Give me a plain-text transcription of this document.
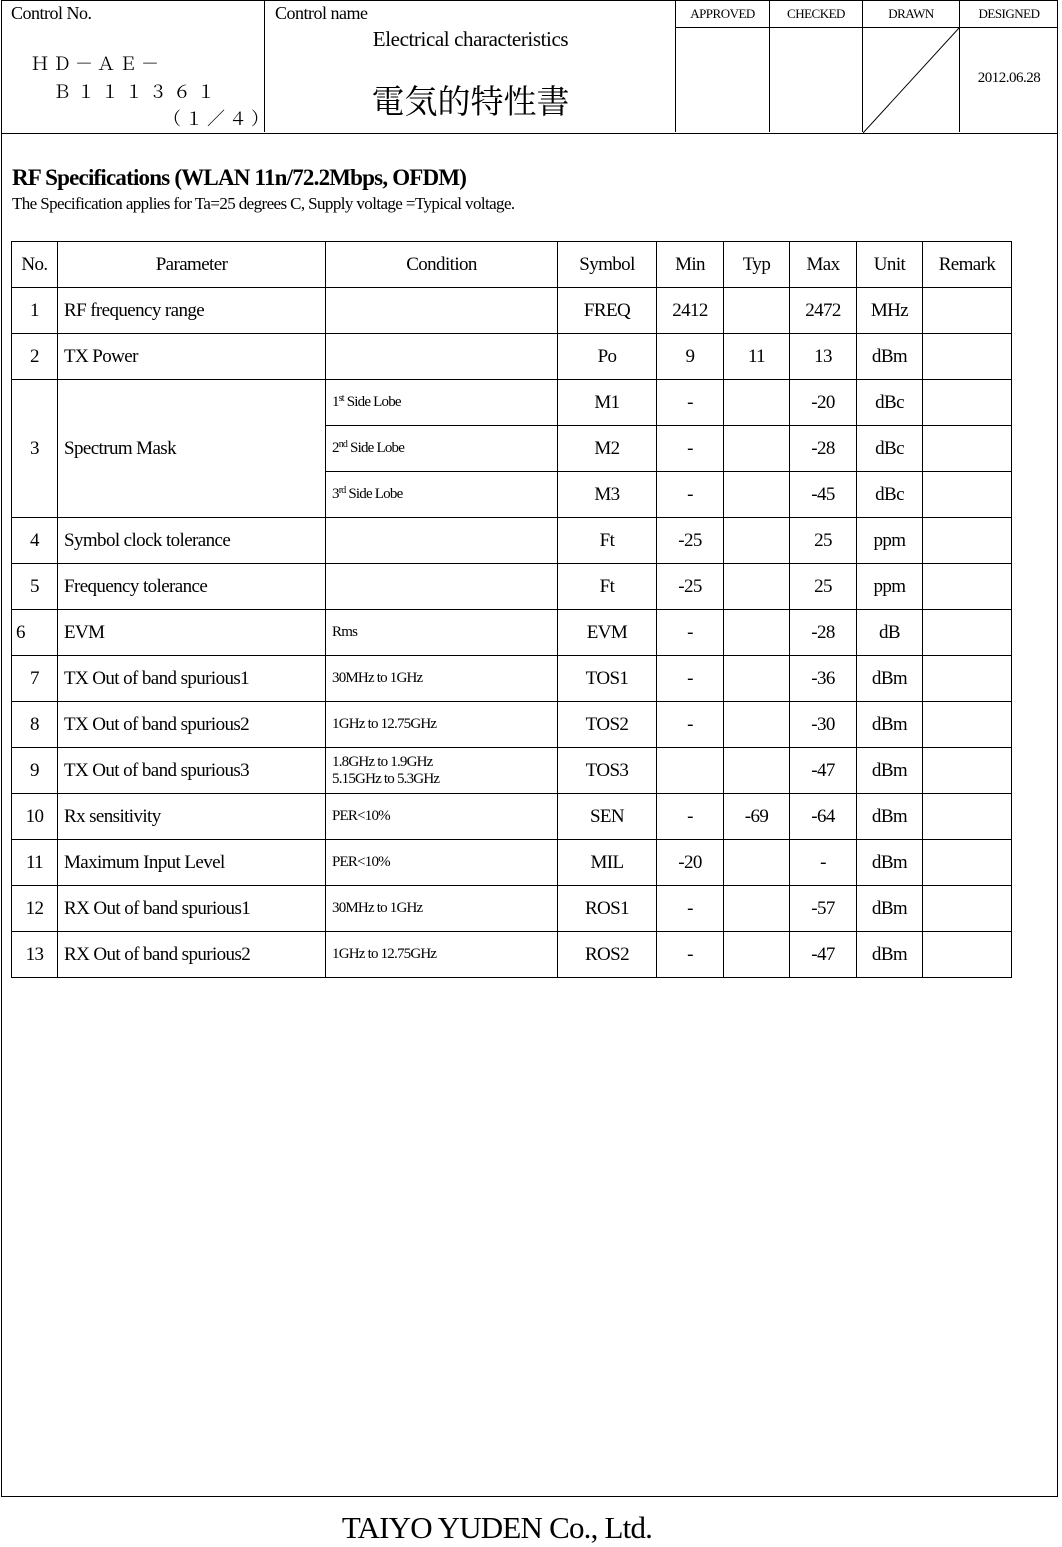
Control No.
ＨＤ－ＡＥ－
Ｂ１１１３６１
（１／４）
Control name
Electrical characteristics
電気的特性書
APPROVED	CHECKED	DRAWN	DESIGNED
2012.06.28
RF Specifications (WLAN 11n/72.2Mbps, OFDM)
The Specification applies for Ta=25 degrees C, Supply voltage =Typical voltage.
No.	Parameter	Condition	Symbol	Min	Typ	Max	Unit	Remark
1	RF frequency range		FREQ	2412		2472	MHz	
2	TX Power		Po	9	11	13	dBm	
3	Spectrum Mask	1st Side Lobe	M1	-		-20	dBc	
		2nd Side Lobe	M2	-		-28	dBc	
		3rd Side Lobe	M3	-		-45	dBc	
4	Symbol clock tolerance		Ft	-25		25	ppm	
5	Frequency tolerance		Ft	-25		25	ppm	
6	EVM	Rms	EVM	-		-28	dB	
7	TX Out of band spurious1	30MHz to 1GHz	TOS1	-		-36	dBm	
8	TX Out of band spurious2	1GHz to 12.75GHz	TOS2	-		-30	dBm	
9	TX Out of band spurious3	1.8GHz to 1.9GHz
5.15GHz to 5.3GHz	TOS3			-47	dBm	
10	Rx sensitivity	PER<10%	SEN	-	-69	-64	dBm	
11	Maximum Input Level	PER<10%	MIL	-20		-	dBm	
12	RX Out of band spurious1	30MHz to 1GHz	ROS1	-		-57	dBm	
13	RX Out of band spurious2	1GHz to 12.75GHz	ROS2	-		-47	dBm	
TAIYO YUDEN Co., Ltd.
